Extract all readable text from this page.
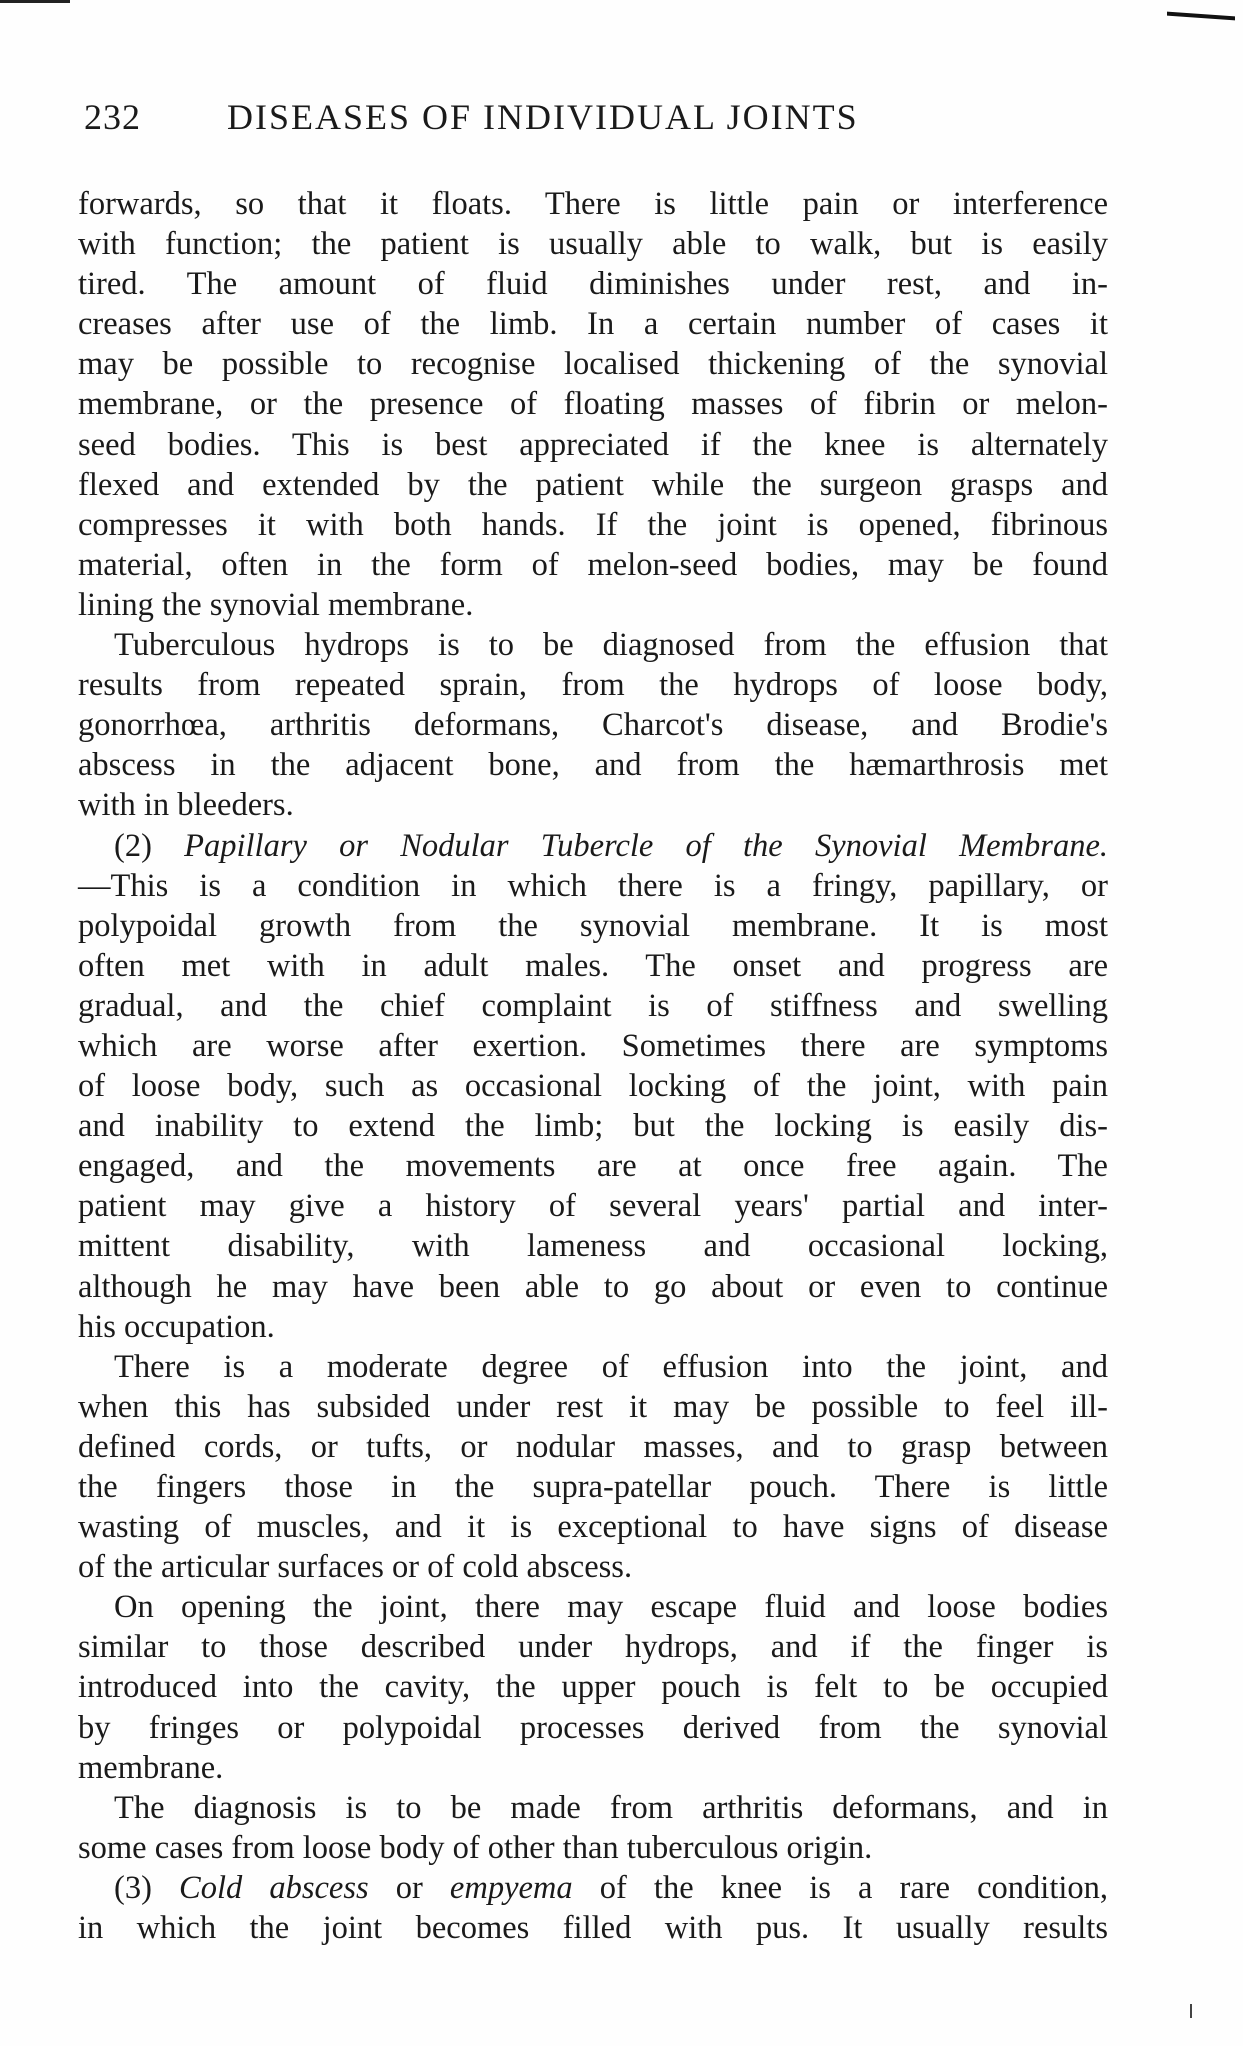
232 DISEASES OF INDIVIDUAL JOINTS
forwards, so that it floats. There is little pain or interference
with function; the patient is usually able to walk, but is easily
tired. The amount of fluid diminishes under rest, and in-
creases after use of the limb. In a certain number of cases it
may be possible to recognise localised thickening of the synovial
membrane, or the presence of floating masses of fibrin or melon-
seed bodies. This is best appreciated if the knee is alternately
flexed and extended by the patient while the surgeon grasps and
compresses it with both hands. If the joint is opened, fibrinous
material, often in the form of melon-seed bodies, may be found
lining the synovial membrane.
Tuberculous hydrops is to be diagnosed from the effusion that
results from repeated sprain, from the hydrops of loose body,
gonorrhœa, arthritis deformans, Charcot's disease, and Brodie's
abscess in the adjacent bone, and from the hæmarthrosis met
with in bleeders.
(2) Papillary or Nodular Tubercle of the Synovial Membrane.
—This is a condition in which there is a fringy, papillary, or
polypoidal growth from the synovial membrane. It is most
often met with in adult males. The onset and progress are
gradual, and the chief complaint is of stiffness and swelling
which are worse after exertion. Sometimes there are symptoms
of loose body, such as occasional locking of the joint, with pain
and inability to extend the limb; but the locking is easily dis-
engaged, and the movements are at once free again. The
patient may give a history of several years' partial and inter-
mittent disability, with lameness and occasional locking,
although he may have been able to go about or even to continue
his occupation.
There is a moderate degree of effusion into the joint, and
when this has subsided under rest it may be possible to feel ill-
defined cords, or tufts, or nodular masses, and to grasp between
the fingers those in the supra-patellar pouch. There is little
wasting of muscles, and it is exceptional to have signs of disease
of the articular surfaces or of cold abscess.
On opening the joint, there may escape fluid and loose bodies
similar to those described under hydrops, and if the finger is
introduced into the cavity, the upper pouch is felt to be occupied
by fringes or polypoidal processes derived from the synovial
membrane.
The diagnosis is to be made from arthritis deformans, and in
some cases from loose body of other than tuberculous origin.
(3) Cold abscess or empyema of the knee is a rare condition,
in which the joint becomes filled with pus. It usually results
